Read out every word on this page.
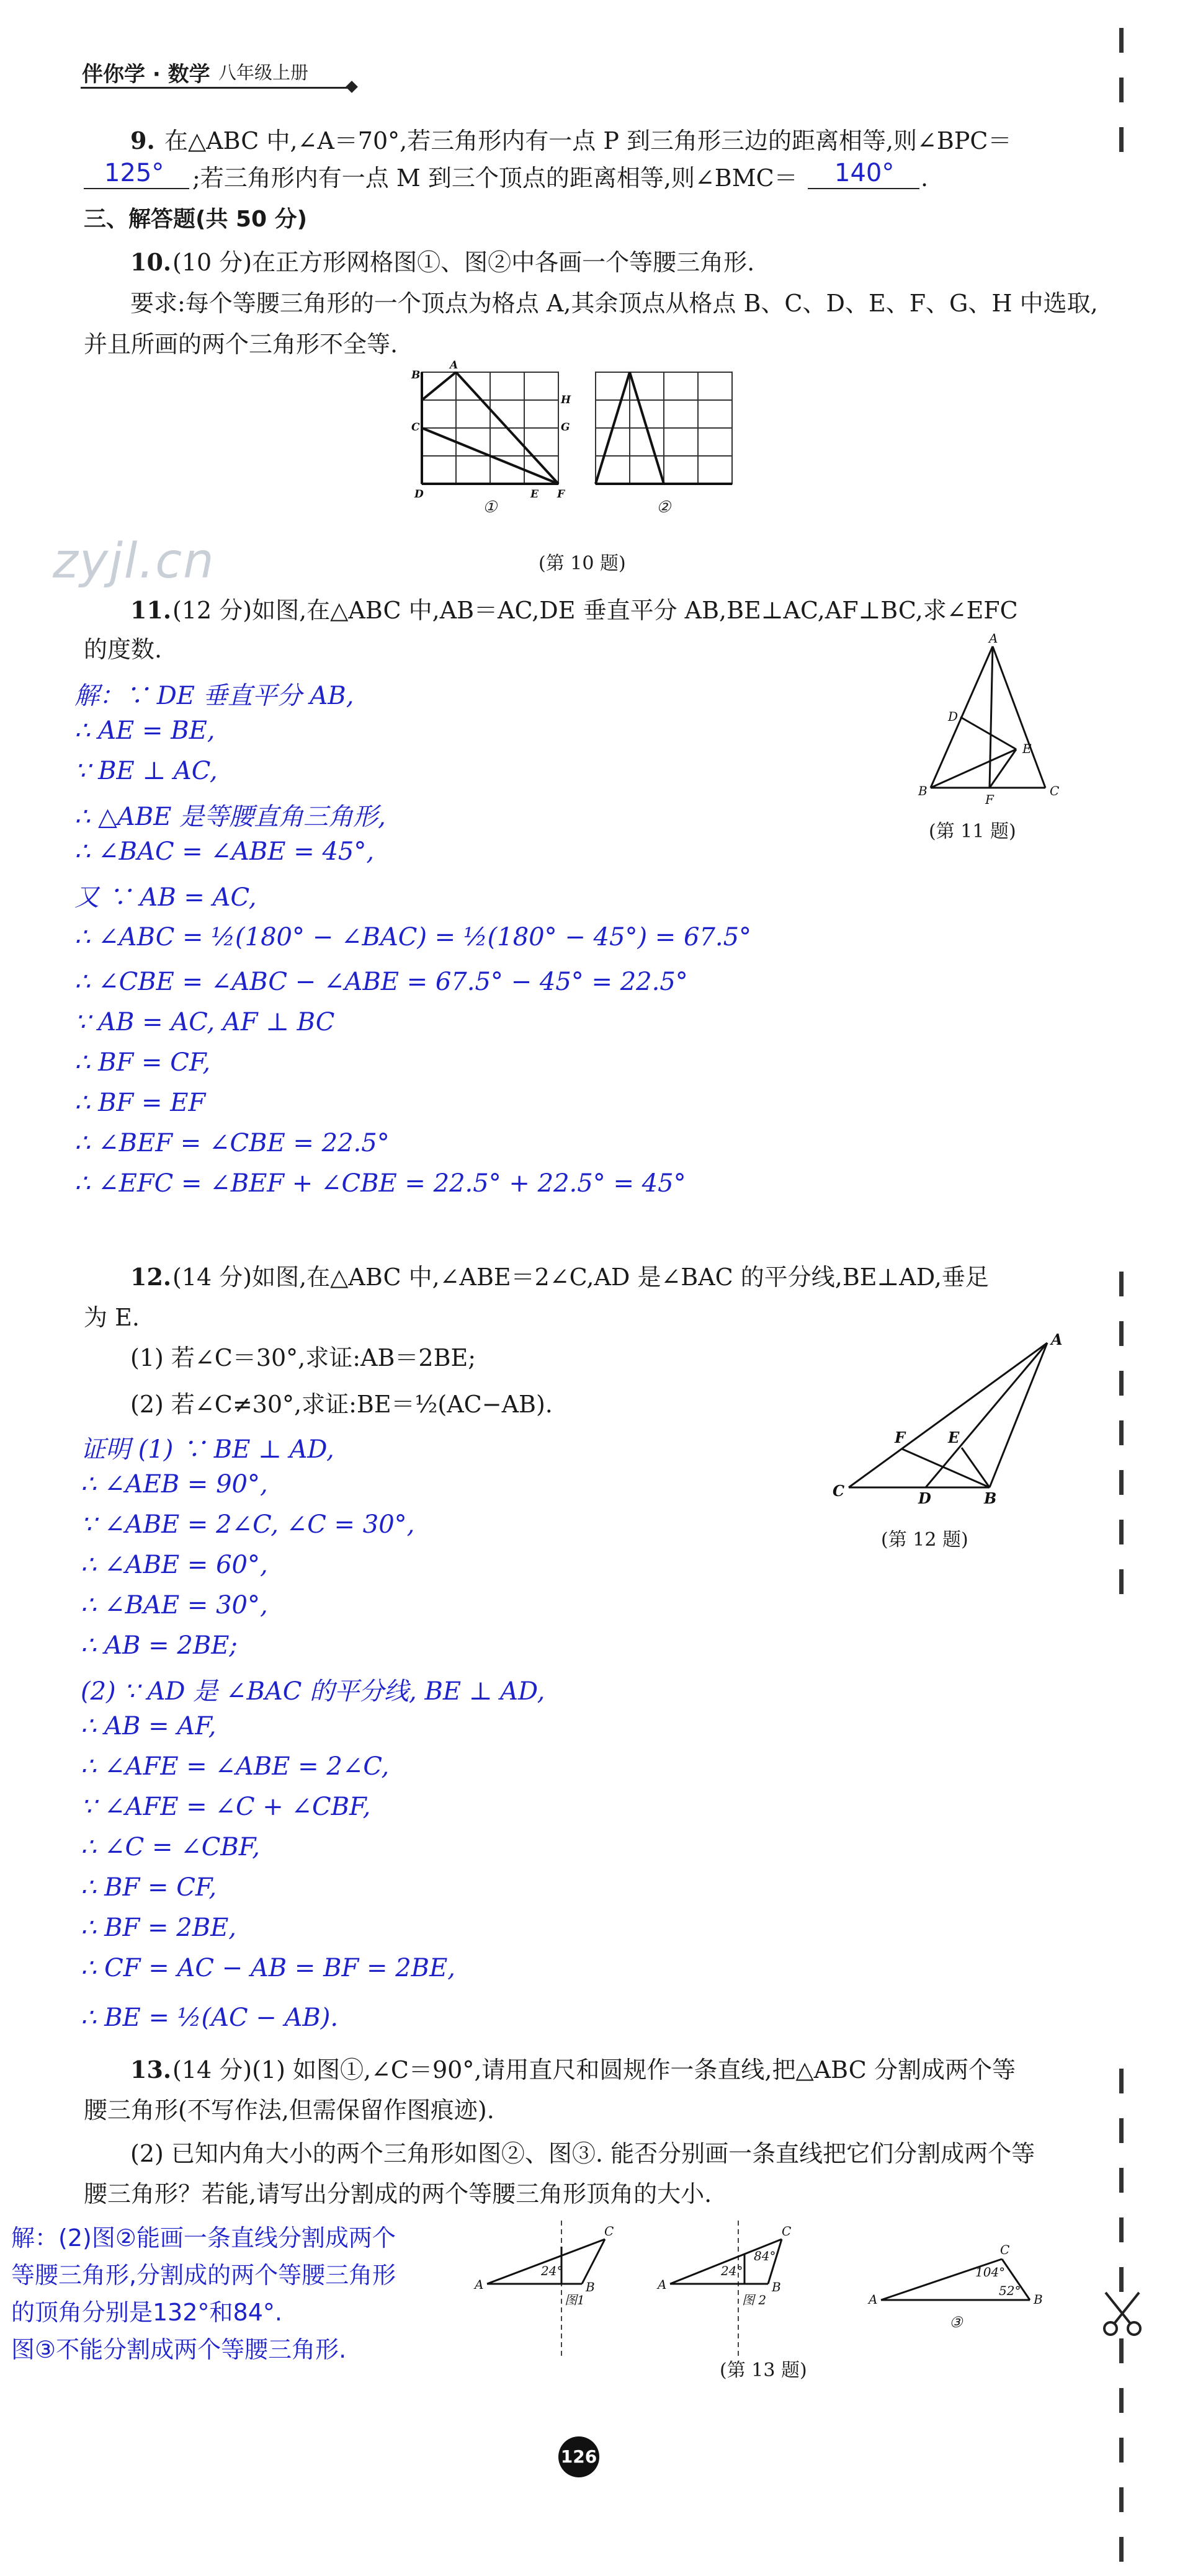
伴你学 · 数学 八年级上册
zyjl.cn
9. 在△ABC 中,∠A＝70°,若三角形内有一点 P 到三角形三边的距离相等,则∠BPC＝
125° ;若三角形内有一点 M 到三个顶点的距离相等,则∠BMC＝ 140° .
三、解答题(共 50 分)
10. (10 分)在正方形网格图①、图②中各画一个等腰三角形.
要求:每个等腰三角形的一个顶点为格点 A,其余顶点从格点 B、C、D、E、F、G、H 中选取,
并且所画的两个三角形不全等.
A
B
C
D	E F
G
H
①	②
(第 10 题)
11. (12 分)如图,在△ABC 中,AB＝AC,DE 垂直平分 AB,BE⊥AC,AF⊥BC,求∠EFC
的度数.
解：∵ DE 垂直平分 AB,
∴ AE = BE,
∵ BE ⊥ AC,
∴ △ABE 是等腰直角三角形,
∴ ∠BAC = ∠ABE = 45°,
又 ∵ AB = AC,
∴ ∠ABC = ½(180° − ∠BAC) = ½(180° − 45°) = 67.5°
∴ ∠CBE = ∠ABC − ∠ABE = 67.5° − 45° = 22.5°
∵ AB = AC, AF ⊥ BC
∴ BF = CF,
∴ BF = EF
∴ ∠BEF = ∠CBE = 22.5°
∴ ∠EFC = ∠BEF + ∠CBE = 22.5° + 22.5° = 45°
A
D
E
B	C
F
(第 11 题)
12. (14 分)如图,在△ABC 中,∠ABE＝2∠C,AD 是∠BAC 的平分线,BE⊥AD,垂足
为 E.
(1) 若∠C＝30°,求证:AB＝2BE;
(2) 若∠C≠30°,求证:BE＝½(AC−AB).
证明 (1) ∵ BE ⊥ AD,
∴ ∠AEB = 90°,
∵ ∠ABE = 2∠C, ∠C = 30°,
∴ ∠ABE = 60°,
∴ ∠BAE = 30°,
∴ AB = 2BE;
(2) ∵ AD 是 ∠BAC 的平分线, BE ⊥ AD,
∴ AB = AF,
∴ ∠AFE = ∠ABE = 2∠C,
∵ ∠AFE = ∠C + ∠CBF,
∴ ∠C = ∠CBF,
∴ BF = CF,
∴ BF = 2BE,
∴ CF = AC − AB = BF = 2BE,
∴ BE = ½(AC − AB).
A
F	E
C	D	B
(第 12 题)
13. (14 分)(1) 如图①,∠C＝90°,请用直尺和圆规作一条直线,把△ABC 分割成两个等
腰三角形(不写作法,但需保留作图痕迹).
(2) 已知内角大小的两个三角形如图②、图③. 能否分别画一条直线把它们分割成两个等
腰三角形？若能,请写出分割成的两个等腰三角形顶角的大小.
解：(2)图②能画一条直线分割成两个
等腰三角形,分割成的两个等腰三角形
的顶角分别是132°和84°.
图③不能分割成两个等腰三角形.
A
C
B
24°
图1
A
C
B
24°
84°
图 2	A
C
B
104°
52°
③
(第 13 题)
126
